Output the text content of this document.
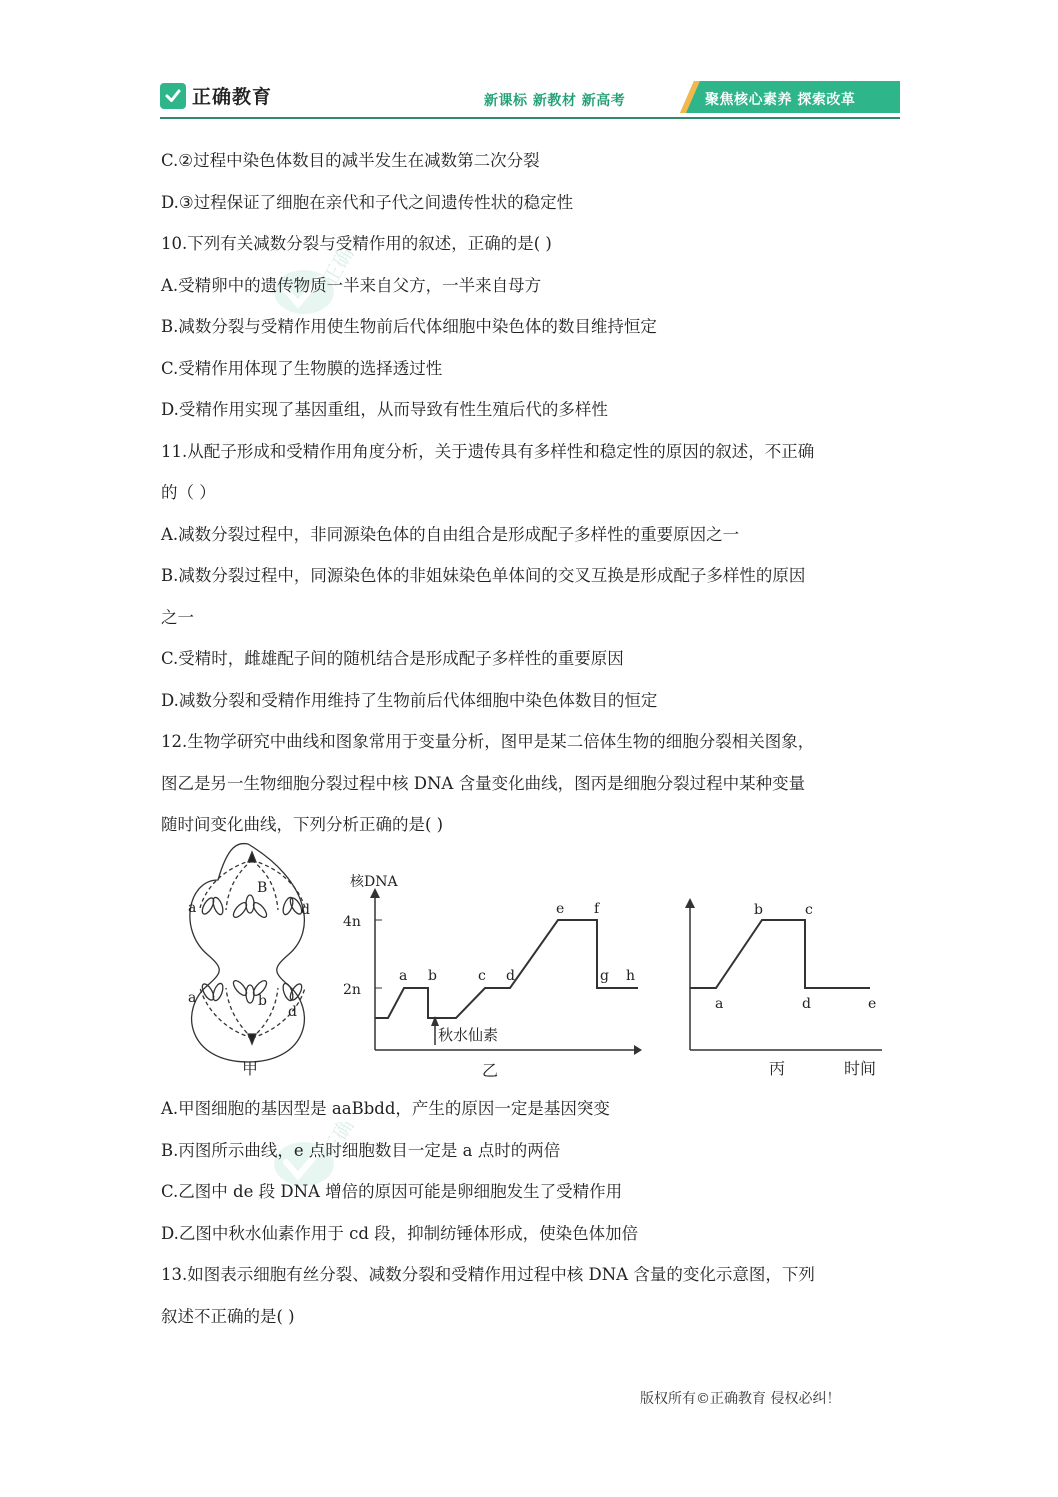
正确教育	新课标 新教材 新高考	聚焦核心素养 探索改革
正确云
正确云
C.②过程中染色体数目的减半发生在减数第二次分裂
D.③过程保证了细胞在亲代和子代之间遗传性状的稳定性
10.下列有关减数分裂与受精作用的叙述，正确的是( )
A.受精卵中的遗传物质一半来自父方，一半来自母方
B.减数分裂与受精作用使生物前后代体细胞中染色体的数目维持恒定
C.受精作用体现了生物膜的选择透过性
D.受精作用实现了基因重组，从而导致有性生殖后代的多样性
11.从配子形成和受精作用角度分析，关于遗传具有多样性和稳定性的原因的叙述，不正确
的（ ）
A.减数分裂过程中，非同源染色体的自由组合是形成配子多样性的重要原因之一
B.减数分裂过程中，同源染色体的非姐妹染色单体间的交叉互换是形成配子多样性的原因
之一
C.受精时，雌雄配子间的随机结合是形成配子多样性的重要原因
D.减数分裂和受精作用维持了生物前后代体细胞中染色体数目的恒定
12.生物学研究中曲线和图象常用于变量分析，图甲是某二倍体生物的细胞分裂相关图象，
图乙是另一生物细胞分裂过程中核 DNA 含量变化曲线，图丙是细胞分裂过程中某种变量
随时间变化曲线，下列分析正确的是( )
a
B
d
a	b
d
甲
核DNA
4n
2n
a b	c d
e f
g h
秋水仙素
乙
a
b	c
d	e
丙	时间
A.甲图细胞的基因型是 aaBbdd，产生的原因一定是基因突变
B.丙图所示曲线，e 点时细胞数目一定是 a 点时的两倍
C.乙图中 de 段 DNA 增倍的原因可能是卵细胞发生了受精作用
D.乙图中秋水仙素作用于 cd 段，抑制纺锤体形成，使染色体加倍
13.如图表示细胞有丝分裂、减数分裂和受精作用过程中核 DNA 含量的变化示意图，下列
叙述不正确的是( )
版权所有©正确教育 侵权必纠！
